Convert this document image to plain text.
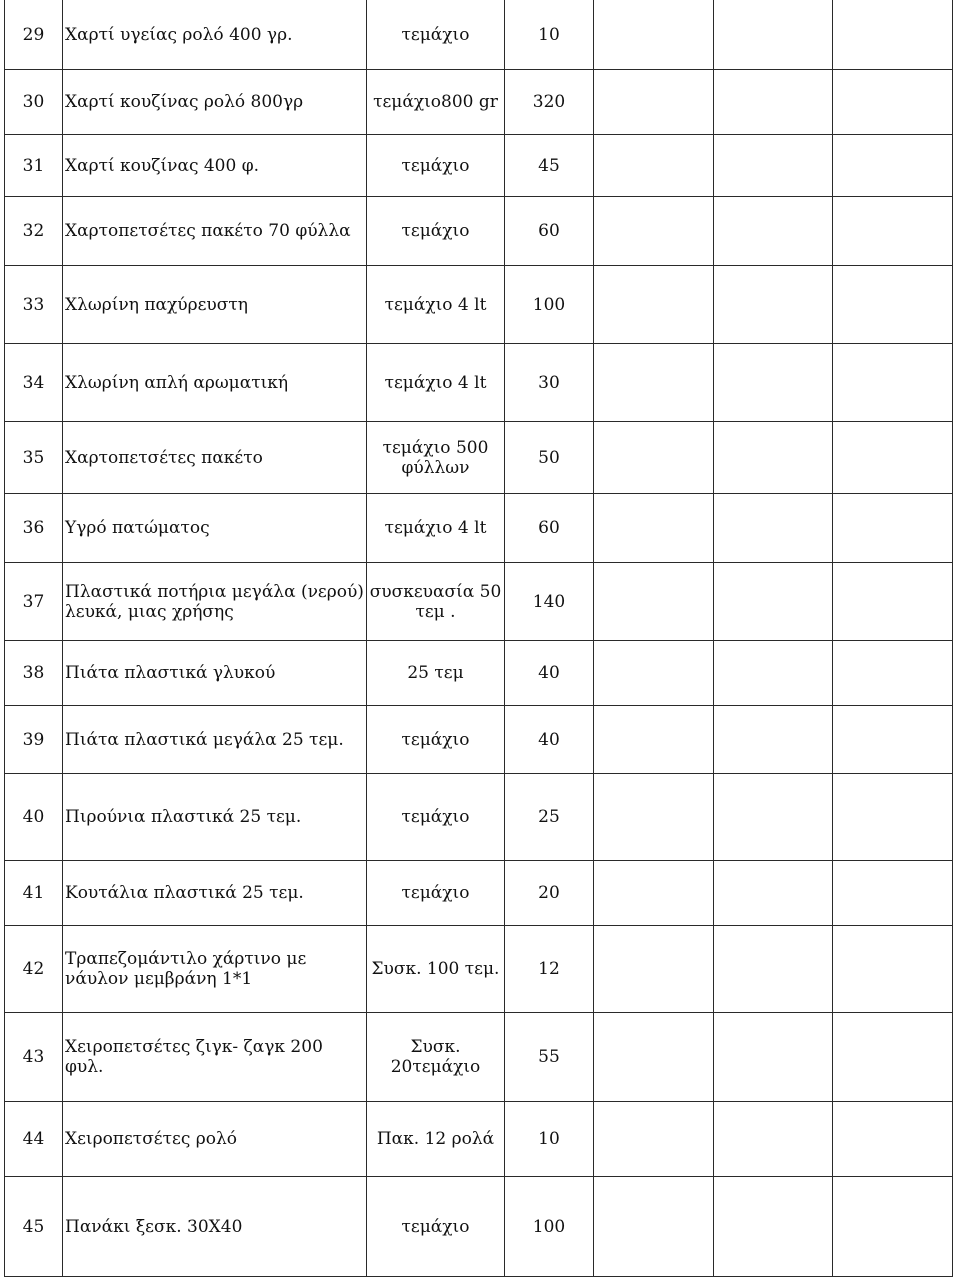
29	Χαρτί υγείας ρολό 400 γρ.	τεμάχιο	10			
30	Χαρτί κουζίνας ρολό 800γρ	τεμάχιο800 gr	320			
31	Χαρτί κουζίνας 400 φ.	τεμάχιο	45			
32	Χαρτοπετσέτες πακέτο 70 φύλλα	τεμάχιο	60			
33	Χλωρίνη παχύρευστη	τεμάχιο 4 lt	100			
34	Χλωρίνη απλή αρωματική	τεμάχιο 4 lt	30			
35	Χαρτοπετσέτες πακέτο	τεμάχιο 500 φύλλων	50			
36	Υγρό πατώματος	τεμάχιο 4 lt	60			
37	Πλαστικά ποτήρια μεγάλα (νερού) λευκά, μιας χρήσης	συσκευασία 50 τεμ .	140			
38	Πιάτα πλαστικά γλυκού	25 τεμ	40			
39	Πιάτα πλαστικά μεγάλα 25 τεμ.	τεμάχιο	40			
40	Πιρούνια πλαστικά 25 τεμ.	τεμάχιο	25			
41	Κουτάλια πλαστικά 25 τεμ.	τεμάχιο	20			
42	Τραπεζομάντιλο χάρτινο με νάυλον μεμβράνη 1*1	Συσκ. 100 τεμ.	12			
43	Χειροπετσέτες ζιγκ- ζαγκ 200 φυλ.	Συσκ. 20τεμάχιο	55			
44	Χειροπετσέτες ρολό	Πακ. 12 ρολά	10			
45	Πανάκι ξεσκ. 30Χ40	τεμάχιο	100			
